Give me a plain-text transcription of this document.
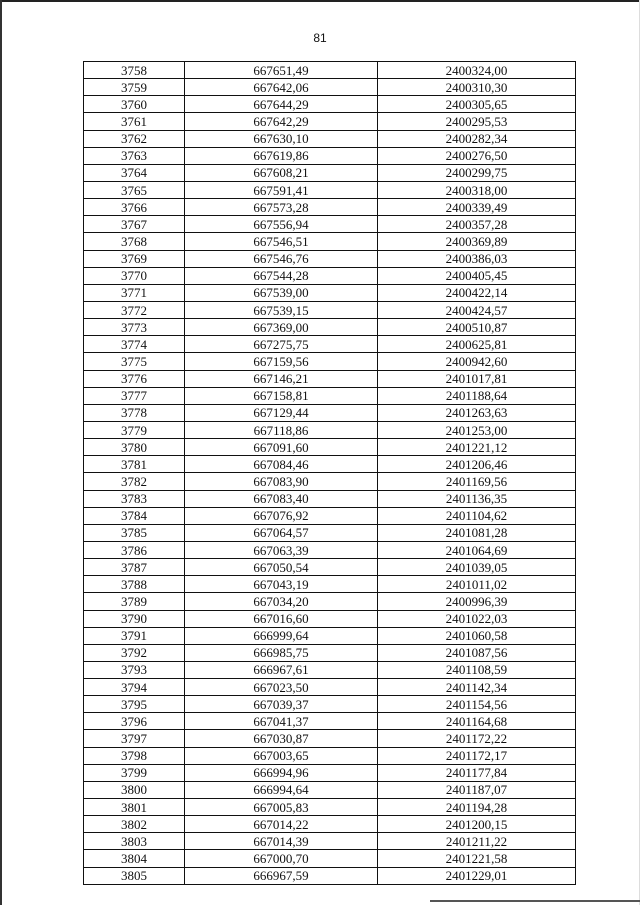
81
3758	667651,49	2400324,00
3759	667642,06	2400310,30
3760	667644,29	2400305,65
3761	667642,29	2400295,53
3762	667630,10	2400282,34
3763	667619,86	2400276,50
3764	667608,21	2400299,75
3765	667591,41	2400318,00
3766	667573,28	2400339,49
3767	667556,94	2400357,28
3768	667546,51	2400369,89
3769	667546,76	2400386,03
3770	667544,28	2400405,45
3771	667539,00	2400422,14
3772	667539,15	2400424,57
3773	667369,00	2400510,87
3774	667275,75	2400625,81
3775	667159,56	2400942,60
3776	667146,21	2401017,81
3777	667158,81	2401188,64
3778	667129,44	2401263,63
3779	667118,86	2401253,00
3780	667091,60	2401221,12
3781	667084,46	2401206,46
3782	667083,90	2401169,56
3783	667083,40	2401136,35
3784	667076,92	2401104,62
3785	667064,57	2401081,28
3786	667063,39	2401064,69
3787	667050,54	2401039,05
3788	667043,19	2401011,02
3789	667034,20	2400996,39
3790	667016,60	2401022,03
3791	666999,64	2401060,58
3792	666985,75	2401087,56
3793	666967,61	2401108,59
3794	667023,50	2401142,34
3795	667039,37	2401154,56
3796	667041,37	2401164,68
3797	667030,87	2401172,22
3798	667003,65	2401172,17
3799	666994,96	2401177,84
3800	666994,64	2401187,07
3801	667005,83	2401194,28
3802	667014,22	2401200,15
3803	667014,39	2401211,22
3804	667000,70	2401221,58
3805	666967,59	2401229,01
